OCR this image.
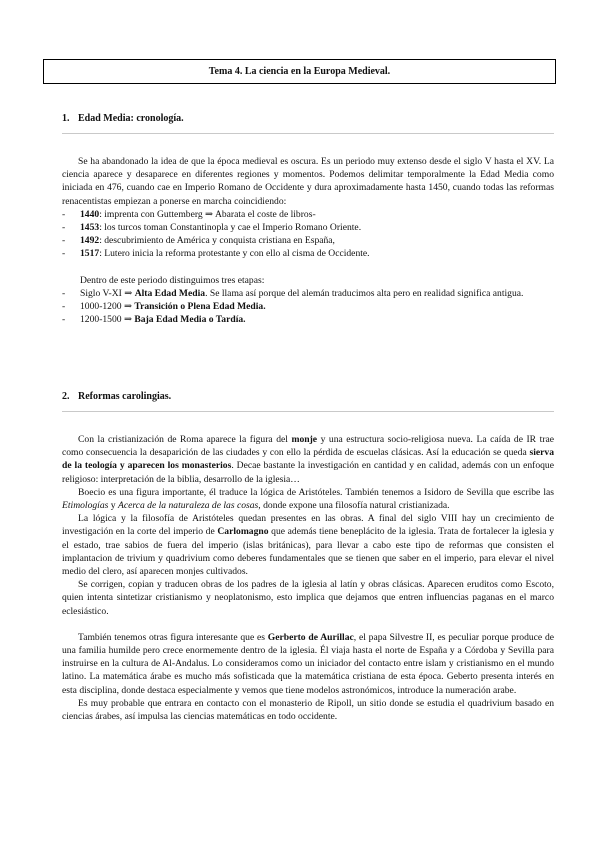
Tema 4. La ciencia en la Europa Medieval.
1. Edad Media: cronología.

Se ha abandonado la idea de que la época medieval es oscura. Es un periodo muy extenso desde el siglo V hasta el XV. La ciencia aparece y desaparece en diferentes regiones y momentos. Podemos delimitar temporalmente la Edad Media como iniciada en 476, cuando cae en Imperio Romano de Occidente y dura aproximadamente hasta 1450, cuando todas las reformas renacentistas empiezan a ponerse en marcha coincidiendo:

- 1440: imprenta con Guttemberg ⇒ Abarata el coste de libros-
- 1453: los turcos toman Constantinopla y cae el Imperio Romano Oriente.
- 1492: descubrimiento de América y conquista cristiana en España,
- 1517: Lutero inicia la reforma protestante y con ello al cisma de Occidente.

Dentro de este periodo distinguimos tres etapas:

- Siglo V-XI ⇒ Alta Edad Media. Se llama así porque del alemán traducimos alta pero en realidad significa antigua.
- 1000-1200 ⇒ Transición o Plena Edad Media.
- 1200-1500 ⇒ Baja Edad Media o Tardía.
2. Reformas carolingias.

Con la cristianización de Roma aparece la figura del monje y una estructura socio-religiosa nueva. La caída de IR trae como consecuencia la desaparición de las ciudades y con ello la pérdida de escuelas clásicas. Así la educación se queda sierva de la teología y aparecen los monasterios. Decae bastante la investigación en cantidad y en calidad, además con un enfoque religioso: interpretación de la biblia, desarrollo de la iglesia…

Boecio es una figura importante, él traduce la lógica de Aristóteles. También tenemos a Isidoro de Sevilla que escribe las Etimologías y Acerca de la naturaleza de las cosas, donde expone una filosofía natural cristianizada.

La lógica y la filosofía de Aristóteles quedan presentes en las obras. A final del siglo VIII hay un crecimiento de investigación en la corte del imperio de Carlomagno que además tiene beneplácito de la iglesia. Trata de fortalecer la iglesia y el estado, trae sabios de fuera del imperio (islas británicas), para llevar a cabo este tipo de reformas que consisten el implantacion de trivium y quadrivium como deberes fundamentales que se tienen que saber en el imperio, para elevar el nivel medio del clero, así aparecen monjes cultivados.

Se corrigen, copian y traducen obras de los padres de la iglesia al latín y obras clásicas. Aparecen eruditos como Escoto, quien intenta sintetizar cristianismo y neoplatonismo, esto implica que dejamos que entren influencias paganas en el marco eclesiástico.

También tenemos otras figura interesante que es Gerberto de Aurillac, el papa Silvestre II, es peculiar porque produce de una familia humilde pero crece enormemente dentro de la iglesia. Él viaja hasta el norte de España y a Córdoba y Sevilla para instruirse en la cultura de Al-Andalus. Lo consideramos como un iniciador del contacto entre islam y cristianismo en el mundo latino. La matemática árabe es mucho más sofisticada que la matemática cristiana de esta época. Geberto presenta interés en esta disciplina, donde destaca especialmente y vemos que tiene modelos astronómicos, introduce la numeración arabe.

Es muy probable que entrara en contacto con el monasterio de Ripoll, un sitio donde se estudia el quadrivium basado en ciencias árabes, así impulsa las ciencias matemáticas en todo occidente.
